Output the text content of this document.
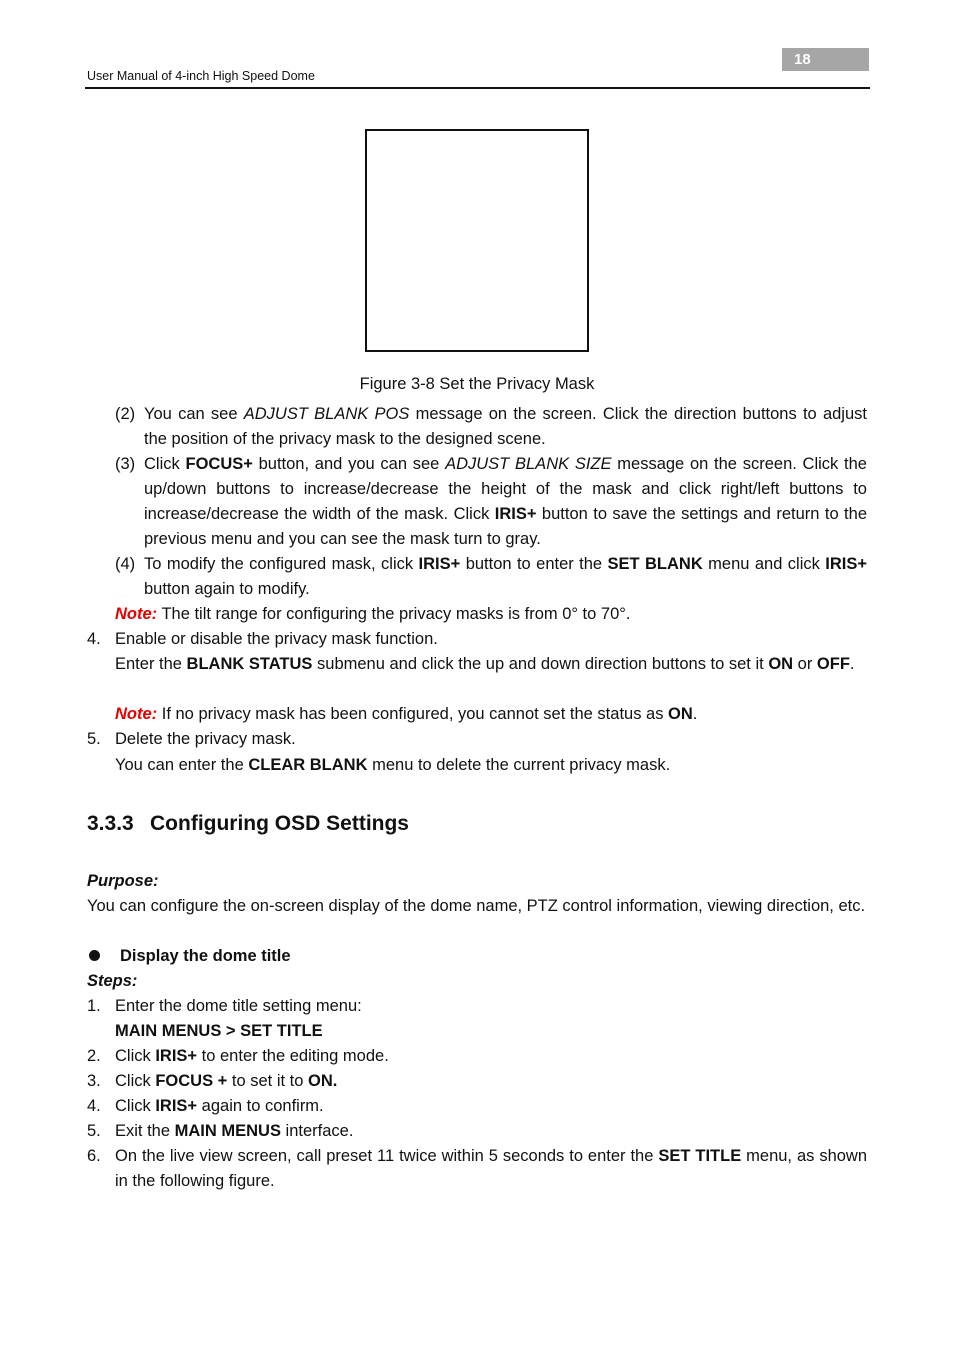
18
User Manual of 4-inch High Speed Dome
Figure 3-8 Set the Privacy Mask
(2) You can see ADJUST BLANK POS message on the screen. Click the direction buttons to adjust the position of the privacy mask to the designed scene.
(3) Click FOCUS+ button, and you can see ADJUST BLANK SIZE message on the screen. Click the up/down buttons to increase/decrease the height of the mask and click right/left buttons to increase/decrease the width of the mask. Click IRIS+ button to save the settings and return to the previous menu and you can see the mask turn to gray.
(4) To modify the configured mask, click IRIS+ button to enter the SET BLANK menu and click IRIS+ button again to modify.
Note: The tilt range for configuring the privacy masks is from 0° to 70°.
4. Enable or disable the privacy mask function.
Enter the BLANK STATUS submenu and click the up and down direction buttons to set it ON or OFF.
Note: If no privacy mask has been configured, you cannot set the status as ON.
5. Delete the privacy mask.
You can enter the CLEAR BLANK menu to delete the current privacy mask.
3.3.3 Configuring OSD Settings
Purpose:
You can configure the on-screen display of the dome name, PTZ control information, viewing direction, etc.
Display the dome title
Steps:
1. Enter the dome title setting menu:
MAIN MENUS > SET TITLE
2. Click IRIS+ to enter the editing mode.
3. Click FOCUS + to set it to ON.
4. Click IRIS+ again to confirm.
5. Exit the MAIN MENUS interface.
6. On the live view screen, call preset 11 twice within 5 seconds to enter the SET TITLE menu, as shown in the following figure.
